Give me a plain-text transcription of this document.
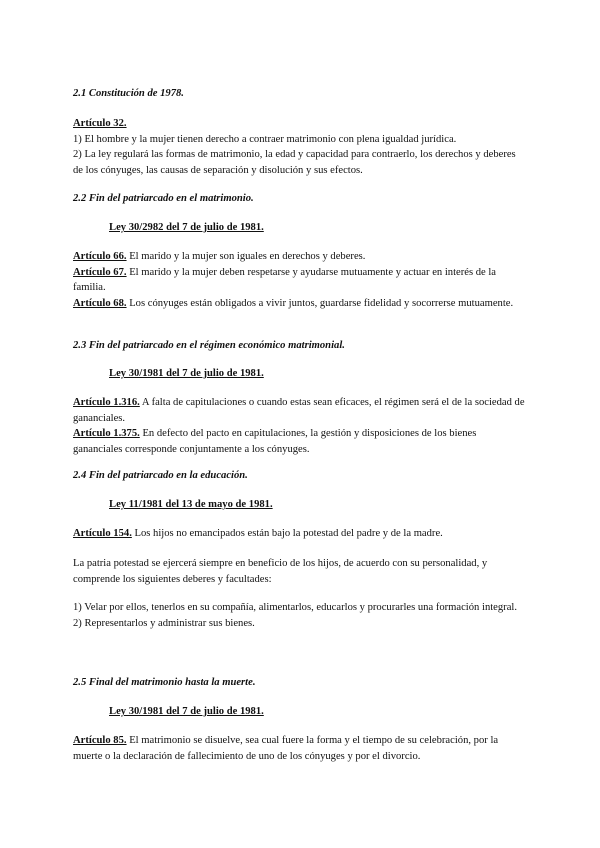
2.1 Constitución de 1978.

Artículo 32.
1) El hombre y la mujer tienen derecho a contraer matrimonio con plena igualdad jurídica.
2) La ley regulará las formas de matrimonio, la edad y capacidad para contraerlo, los derechos y deberes de los cónyuges, las causas de separación y disolución y sus efectos.

2.2 Fin del patriarcado en el matrimonio.

Ley 30/2982 del 7 de julio de 1981.

Artículo 66. El marido y la mujer son iguales en derechos y deberes.
Artículo 67. El marido y la mujer deben respetarse y ayudarse mutuamente y actuar en interés de la familia.
Artículo 68. Los cónyuges están obligados a vivir juntos, guardarse fidelidad y socorrerse mutuamente.

2.3 Fin del patriarcado en el régimen económico matrimonial.

Ley 30/1981 del 7 de julio de 1981.

Artículo 1.316. A falta de capitulaciones o cuando estas sean eficaces, el régimen será el de la sociedad de gananciales.
Artículo 1.375. En defecto del pacto en capitulaciones, la gestión y disposiciones de los bienes gananciales corresponde conjuntamente a los cónyuges.

2.4 Fin del patriarcado en la educación.

Ley 11/1981 del 13 de mayo de 1981.

Artículo 154. Los hijos no emancipados están bajo la potestad del padre y de la madre.

La patria potestad se ejercerá siempre en beneficio de los hijos, de acuerdo con su personalidad, y comprende los siguientes deberes y facultades:

1) Velar por ellos, tenerlos en su compañía, alimentarlos, educarlos y procurarles una formación integral. 2) Representarlos y administrar sus bienes.

2.5 Final del matrimonio hasta la muerte.

Ley 30/1981 del 7 de julio de 1981.

Artículo 85. El matrimonio se disuelve, sea cual fuere la forma y el tiempo de su celebración, por la muerte o la declaración de fallecimiento de uno de los cónyuges y por el divorcio.
